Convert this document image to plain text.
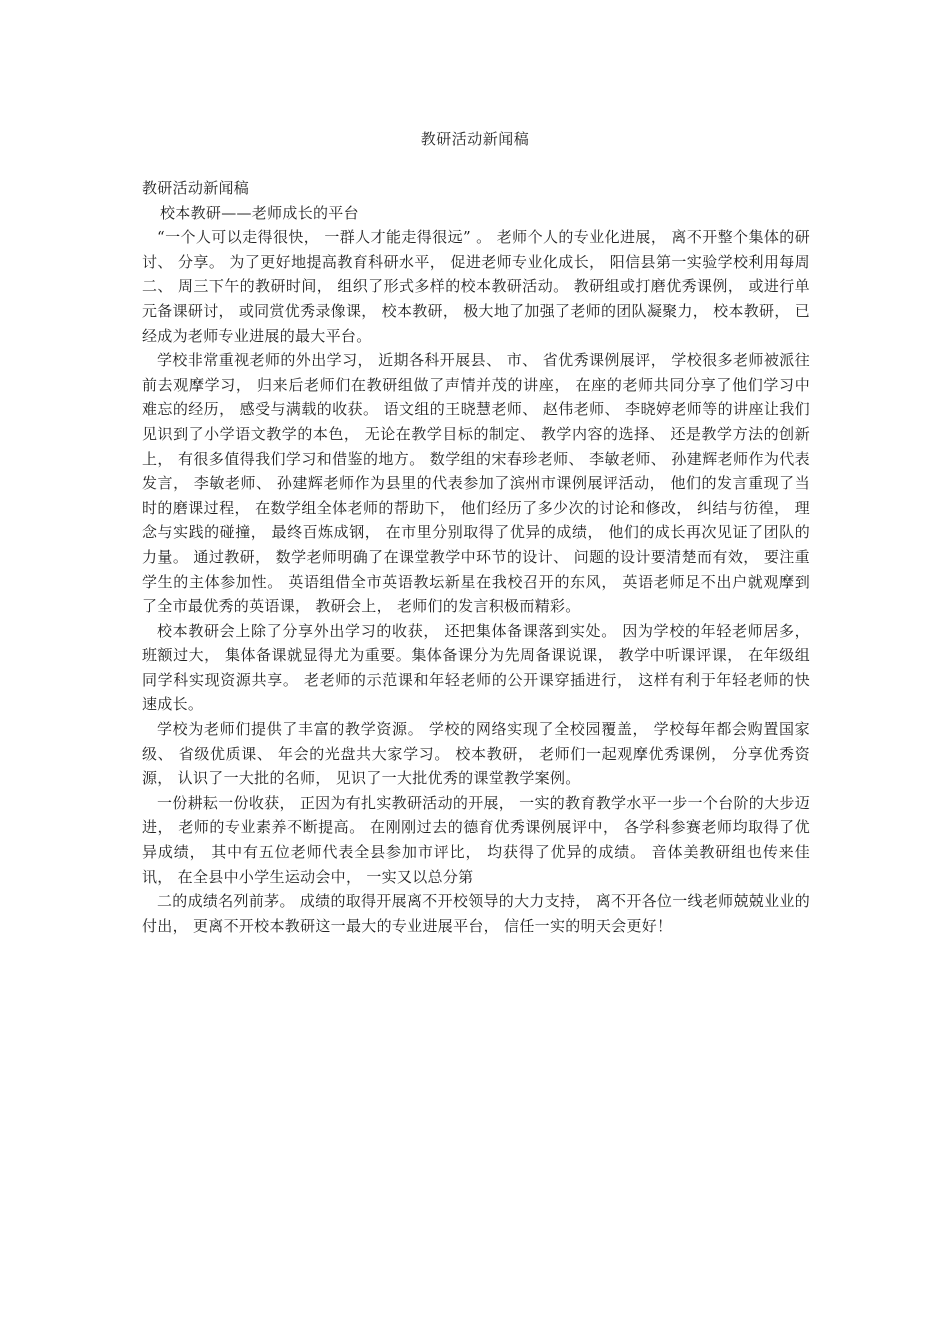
教研活动新闻稿

教研活动新闻稿

校本教研——老师成长的平台

“一个人可以走得很快， 一群人才能走得很远” 。 老师个人的专业化进展， 离不开整个集体的研讨、 分享。 为了更好地提高教育科研水平， 促进老师专业化成长， 阳信县第一实验学校利用每周二、 周三下午的教研时间， 组织了形式多样的校本教研活动。 教研组或打磨优秀课例， 或进行单元备课研讨， 或同赏优秀录像课， 校本教研， 极大地了加强了老师的团队凝聚力， 校本教研， 已经成为老师专业进展的最大平台。

学校非常重视老师的外出学习， 近期各科开展县、 市、 省优秀课例展评， 学校很多老师被派往前去观摩学习， 归来后老师们在教研组做了声情并茂的讲座， 在座的老师共同分享了他们学习中难忘的经历， 感受与满载的收获。 语文组的王晓慧老师、 赵伟老师、 李晓婷老师等的讲座让我们见识到了小学语文教学的本色， 无论在教学目标的制定、 教学内容的选择、 还是教学方法的创新上， 有很多值得我们学习和借鉴的地方。 数学组的宋春珍老师、 李敏老师、 孙建辉老师作为代表发言， 李敏老师、 孙建辉老师作为县里的代表参加了滨州市课例展评活动， 他们的发言重现了当时的磨课过程， 在数学组全体老师的帮助下， 他们经历了多少次的讨论和修改， 纠结与彷徨， 理念与实践的碰撞， 最终百炼成钢， 在市里分别取得了优异的成绩， 他们的成长再次见证了团队的力量。 通过教研， 数学老师明确了在课堂教学中环节的设计、 问题的设计要清楚而有效， 要注重学生的主体参加性。 英语组借全市英语教坛新星在我校召开的东风， 英语老师足不出户就观摩到了全市最优秀的英语课， 教研会上， 老师们的发言积极而精彩。

校本教研会上除了分享外出学习的收获， 还把集体备课落到实处。 因为学校的年轻老师居多， 班额过大， 集体备课就显得尤为重要。集体备课分为先周备课说课， 教学中听课评课， 在年级组同学科实现资源共享。 老老师的示范课和年轻老师的公开课穿插进行， 这样有利于年轻老师的快速成长。

学校为老师们提供了丰富的教学资源。 学校的网络实现了全校园覆盖， 学校每年都会购置国家级、 省级优质课、 年会的光盘共大家学习。 校本教研， 老师们一起观摩优秀课例， 分享优秀资源， 认识了一大批的名师， 见识了一大批优秀的课堂教学案例。

一份耕耘一份收获， 正因为有扎实教研活动的开展， 一实的教育教学水平一步一个台阶的大步迈进， 老师的专业素养不断提高。 在刚刚过去的德育优秀课例展评中， 各学科参赛老师均取得了优异成绩， 其中有五位老师代表全县参加市评比， 均获得了优异的成绩。 音体美教研组也传来佳讯， 在全县中小学生运动会中， 一实又以总分第

二的成绩名列前茅。 成绩的取得开展离不开校领导的大力支持， 离不开各位一线老师兢兢业业的付出， 更离不开校本教研这一最大的专业进展平台， 信任一实的明天会更好！
